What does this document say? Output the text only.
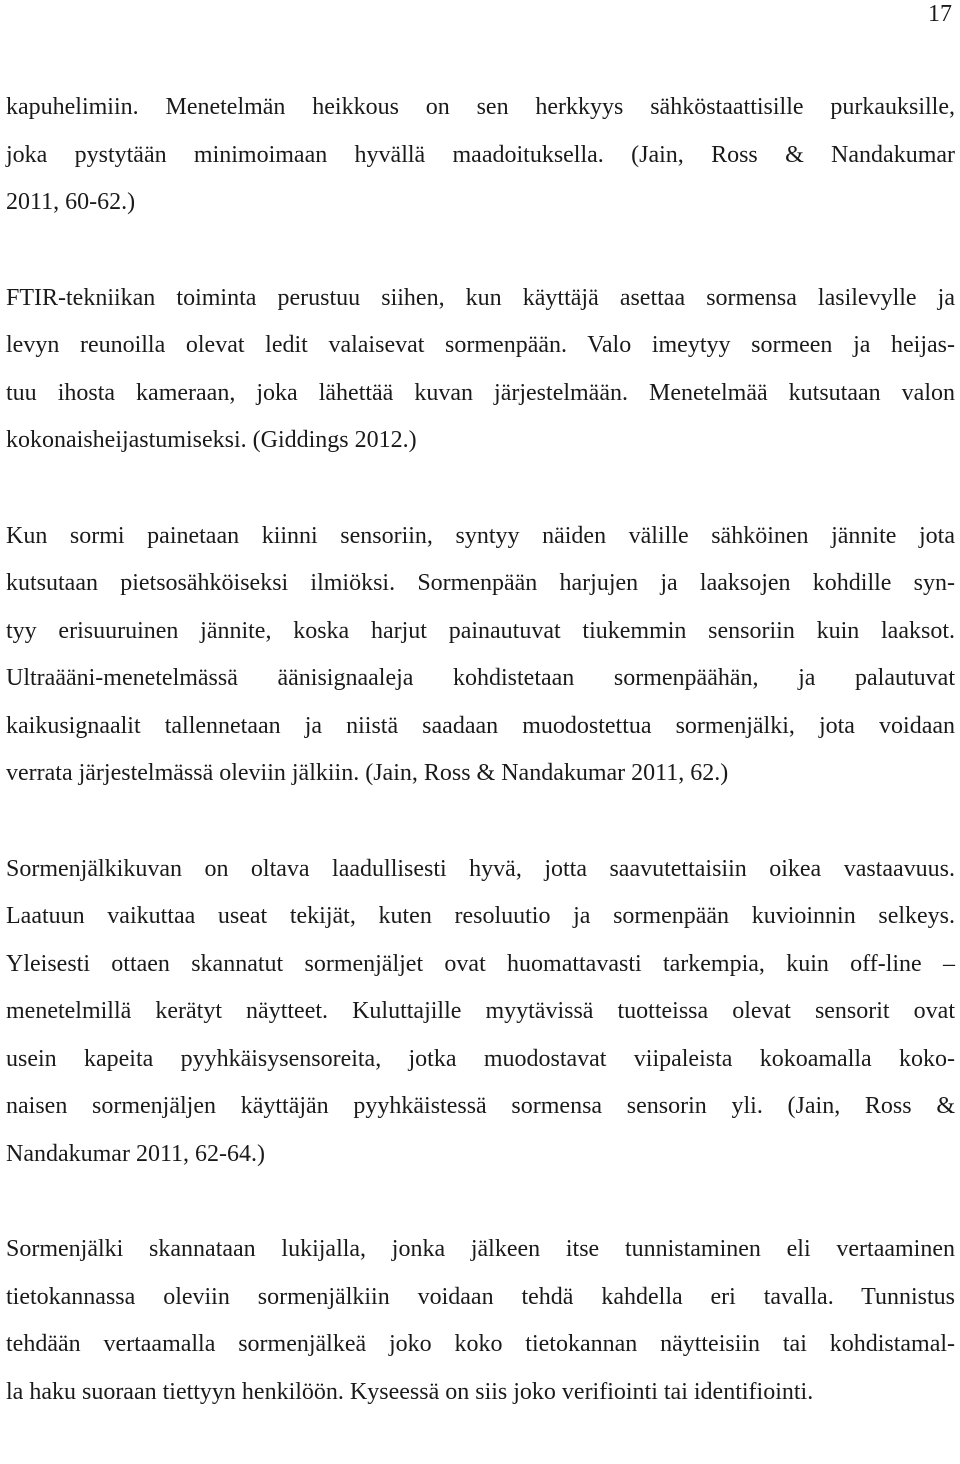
17

kapuhelimiin. Menetelmän heikkous on sen herkkyys sähköstaattisille purkauksille,
joka pystytään minimoimaan hyvällä maadoituksella. (Jain, Ross & Nandakumar
2011, 60-62.)

FTIR-tekniikan toiminta perustuu siihen, kun käyttäjä asettaa sormensa lasilevylle ja
levyn reunoilla olevat ledit valaisevat sormenpään. Valo imeytyy sormeen ja heijas-
tuu ihosta kameraan, joka lähettää kuvan järjestelmään. Menetelmää kutsutaan valon
kokonaisheijastumiseksi. (Giddings 2012.)

Kun sormi painetaan kiinni sensoriin, syntyy näiden välille sähköinen jännite jota
kutsutaan pietsosähköiseksi ilmiöksi. Sormenpään harjujen ja laaksojen kohdille syn-
tyy erisuuruinen jännite, koska harjut painautuvat tiukemmin sensoriin kuin laaksot.
Ultraääni-menetelmässä äänisignaaleja kohdistetaan sormenpäähän, ja palautuvat
kaikusignaalit tallennetaan ja niistä saadaan muodostettua sormenjälki, jota voidaan
verrata järjestelmässä oleviin jälkiin. (Jain, Ross & Nandakumar 2011, 62.)

Sormenjälkikuvan on oltava laadullisesti hyvä, jotta saavutettaisiin oikea vastaavuus.
Laatuun vaikuttaa useat tekijät, kuten resoluutio ja sormenpään kuvioinnin selkeys.
Yleisesti ottaen skannatut sormenjäljet ovat huomattavasti tarkempia, kuin off-line –
menetelmillä kerätyt näytteet. Kuluttajille myytävissä tuotteissa olevat sensorit ovat
usein kapeita pyyhkäisysensoreita, jotka muodostavat viipaleista kokoamalla koko-
naisen sormenjäljen käyttäjän pyyhkäistessä sormensa sensorin yli. (Jain, Ross &
Nandakumar 2011, 62-64.)

Sormenjälki skannataan lukijalla, jonka jälkeen itse tunnistaminen eli vertaaminen
tietokannassa oleviin sormenjälkiin voidaan tehdä kahdella eri tavalla. Tunnistus
tehdään vertaamalla sormenjälkeä joko koko tietokannan näytteisiin tai kohdistamal-
la haku suoraan tiettyyn henkilöön. Kyseessä on siis joko verifiointi tai identifiointi.
